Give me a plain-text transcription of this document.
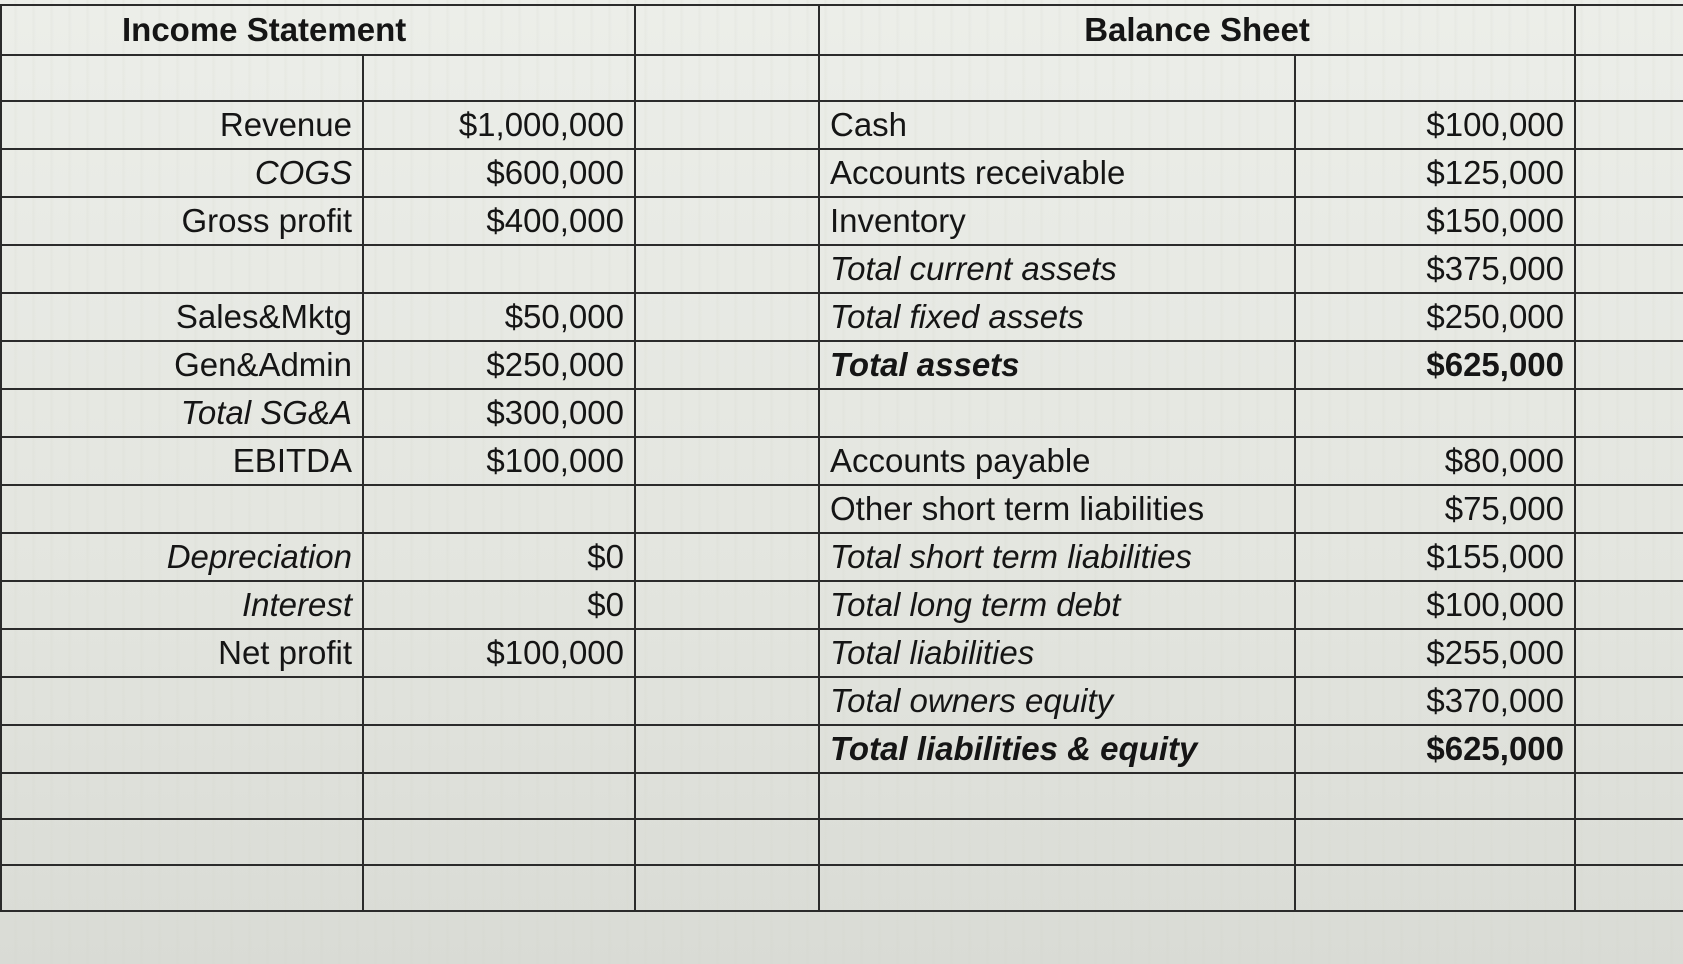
Income Statement			Balance Sheet		

Revenue	$1,000,000		Cash	$100,000	
COGS	$600,000		Accounts receivable	$125,000	
Gross profit	$400,000		Inventory	$150,000	
			Total current assets	$375,000	
Sales&Mktg	$50,000		Total fixed assets	$250,000	
Gen&Admin	$250,000		Total assets	$625,000	
Total SG&A	$300,000				
EBITDA	$100,000		Accounts payable	$80,000	
			Other short term liabilities	$75,000	
Depreciation	$0		Total short term liabilities	$155,000	
Interest	$0		Total long term debt	$100,000	
Net profit	$100,000		Total liabilities	$255,000	
			Total owners equity	$370,000	
			Total liabilities & equity	$625,000	
